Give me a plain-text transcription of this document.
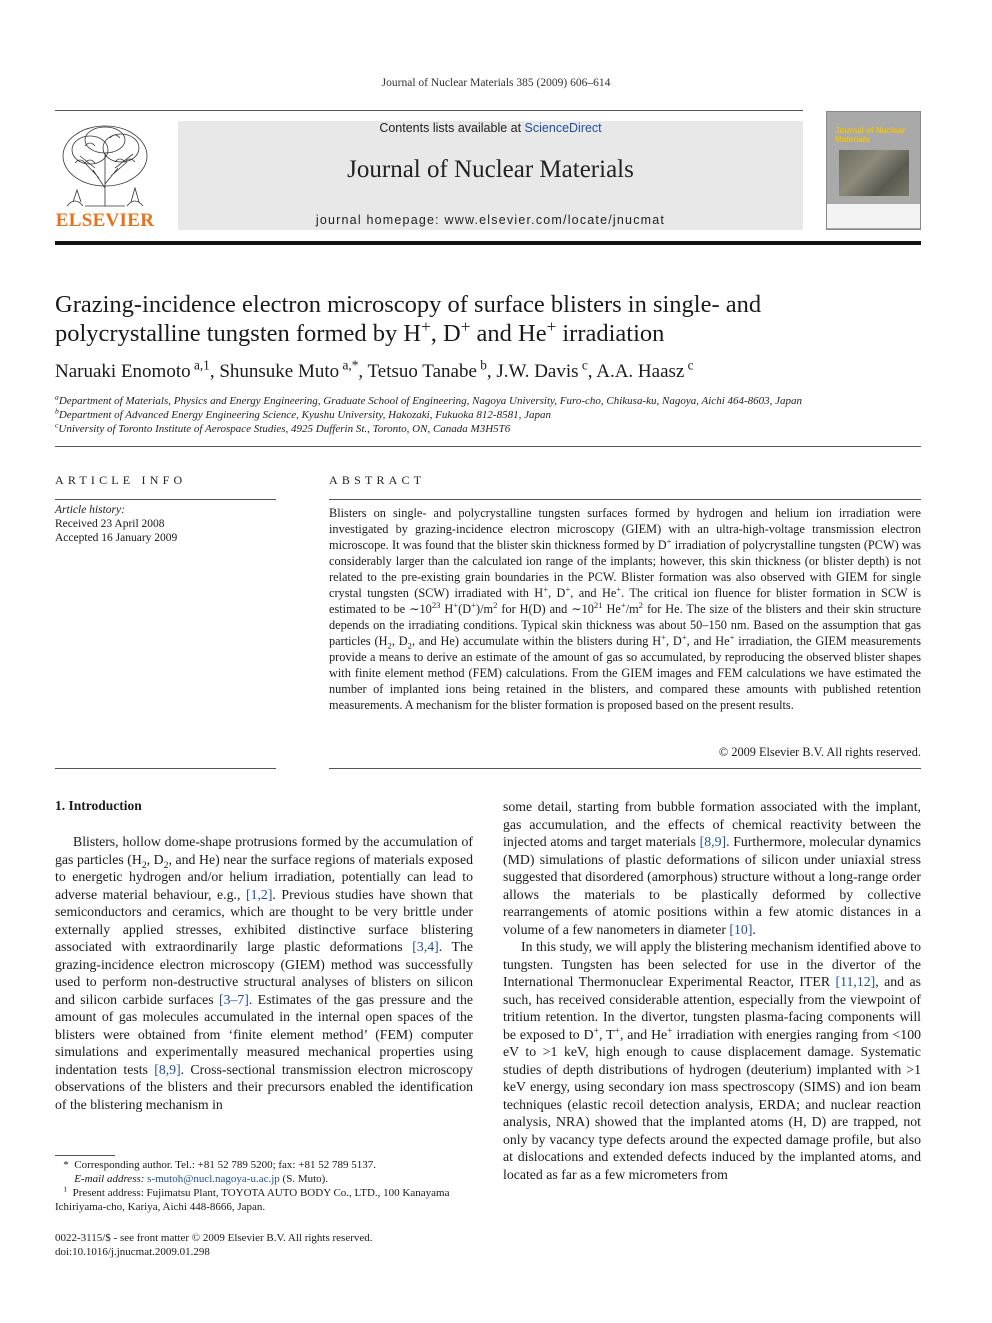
Journal of Nuclear Materials 385 (2009) 606–614
ELSEVIER
Contents lists available at ScienceDirect
Journal of Nuclear Materials
journal homepage: www.elsevier.com/locate/jnucmat
Journal of Nuclear Materials
Grazing-incidence electron microscopy of surface blisters in single- and
polycrystalline tungsten formed by H+, D+ and He+ irradiation
Naruaki Enomoto $^{a,1}$, Shunsuke Muto $^{a,*}$, Tetsuo Tanabe $^b$, J.W. Davis $^c$, A.A. Haasz $^c$
$^a$Department of Materials, Physics and Energy Engineering, Graduate School of Engineering, Nagoya University, Furo-cho, Chikusa-ku, Nagoya, Aichi 464-8603, Japan
$^b$Department of Advanced Energy Engineering Science, Kyushu University, Hakozaki, Fukuoka 812-8581, Japan
$^c$University of Toronto Institute of Aerospace Studies, 4925 Dufferin St., Toronto, ON, Canada M3H5T6
ARTICLE INFO
Article history:
Received 23 April 2008
Accepted 16 January 2009
ABSTRACT
Blisters on single- and polycrystalline tungsten surfaces formed by hydrogen and helium ion irradiation were investigated by grazing-incidence electron microscopy (GIEM) with an ultra-high-voltage transmission electron microscope. It was found that the blister skin thickness formed by D+ irradiation of polycrystalline tungsten (PCW) was considerably larger than the calculated ion range of the implants; however, this skin thickness (or blister depth) is not related to the pre-existing grain boundaries in the PCW. Blister formation was also observed with GIEM for single crystal tungsten (SCW) irradiated with H+, D+, and He+. The critical ion fluence for blister formation in SCW is estimated to be $\sim 10^{23}$ $H^+(D^+)/m^2$ for H(D) and $\sim 10^{21}$ $He^+/m^2$ for He. The size of the blisters and their skin structure depends on the irradiating conditions. Typical skin thickness was about 50–150 nm. Based on the assumption that gas particles ($H_2$, $D_2$, and He) accumulate within the blisters during H+, D+, and He+ irradiation, the GIEM measurements provide a means to derive an estimate of the amount of gas so accumulated, by reproducing the observed blister shapes with finite element method (FEM) calculations. From the GIEM images and FEM calculations we have estimated the number of implanted ions being retained in the blisters, and compared these amounts with published retention measurements. A mechanism for the blister formation is proposed based on the present results.
© 2009 Elsevier B.V. All rights reserved.
1. Introduction

Blisters, hollow dome-shape protrusions formed by the accumulation of gas particles ($H_2$, $D_2$, and He) near the surface regions of materials exposed to energetic hydrogen and/or helium irradiation, potentially can lead to adverse material behaviour, e.g., [1,2]. Previous studies have shown that semiconductors and ceramics, which are thought to be very brittle under externally applied stresses, exhibited distinctive surface blistering associated with extraordinarily large plastic deformations [3,4]. The grazing-incidence electron microscopy (GIEM) method was successfully used to perform non-destructive structural analyses of blisters on silicon and silicon carbide surfaces [3–7]. Estimates of the gas pressure and the amount of gas molecules accumulated in the internal open spaces of the blisters were obtained from ‘finite element method’ (FEM) computer simulations and experimentally measured mechanical properties using indentation tests [8,9]. Cross-sectional transmission electron microscopy observations of the blisters and their precursors enabled the identification of the blistering mechanism in

some detail, starting from bubble formation associated with the implant, gas accumulation, and the effects of chemical reactivity between the injected atoms and target materials [8,9]. Furthermore, molecular dynamics (MD) simulations of plastic deformations of silicon under uniaxial stress suggested that disordered (amorphous) structure without a long-range order allows the materials to be plastically deformed by collective rearrangements of atomic positions within a few atomic distances in a volume of a few nanometers in diameter [10].

In this study, we will apply the blistering mechanism identified above to tungsten. Tungsten has been selected for use in the divertor of the International Thermonuclear Experimental Reactor, ITER [11,12], and as such, has received considerable attention, especially from the viewpoint of tritium retention. In the divertor, tungsten plasma-facing components will be exposed to D+, T+, and He+ irradiation with energies ranging from <100 eV to >1 keV, high enough to cause displacement damage. Systematic studies of depth distributions of hydrogen (deuterium) implanted with >1 keV energy, using secondary ion mass spectroscopy (SIMS) and ion beam techniques (elastic recoil detection analysis, ERDA; and nuclear reaction analysis, NRA) showed that the implanted atoms (H, D) are trapped, not only by vacancy type defects around the expected damage profile, but also at dislocations and extended defects induced by the implanted atoms, and located as far as a few micrometers from

* Corresponding author. Tel.: +81 52 789 5200; fax: +81 52 789 5137.
E-mail address: s-mutoh@nucl.nagoya-u.ac.jp (S. Muto).
$^1$ Present address: Fujimatsu Plant, TOYOTA AUTO BODY Co., LTD., 100 Kanayama
Ichiriyama-cho, Kariya, Aichi 448-8666, Japan.
0022-3115/$ - see front matter © 2009 Elsevier B.V. All rights reserved.
doi:10.1016/j.jnucmat.2009.01.298
